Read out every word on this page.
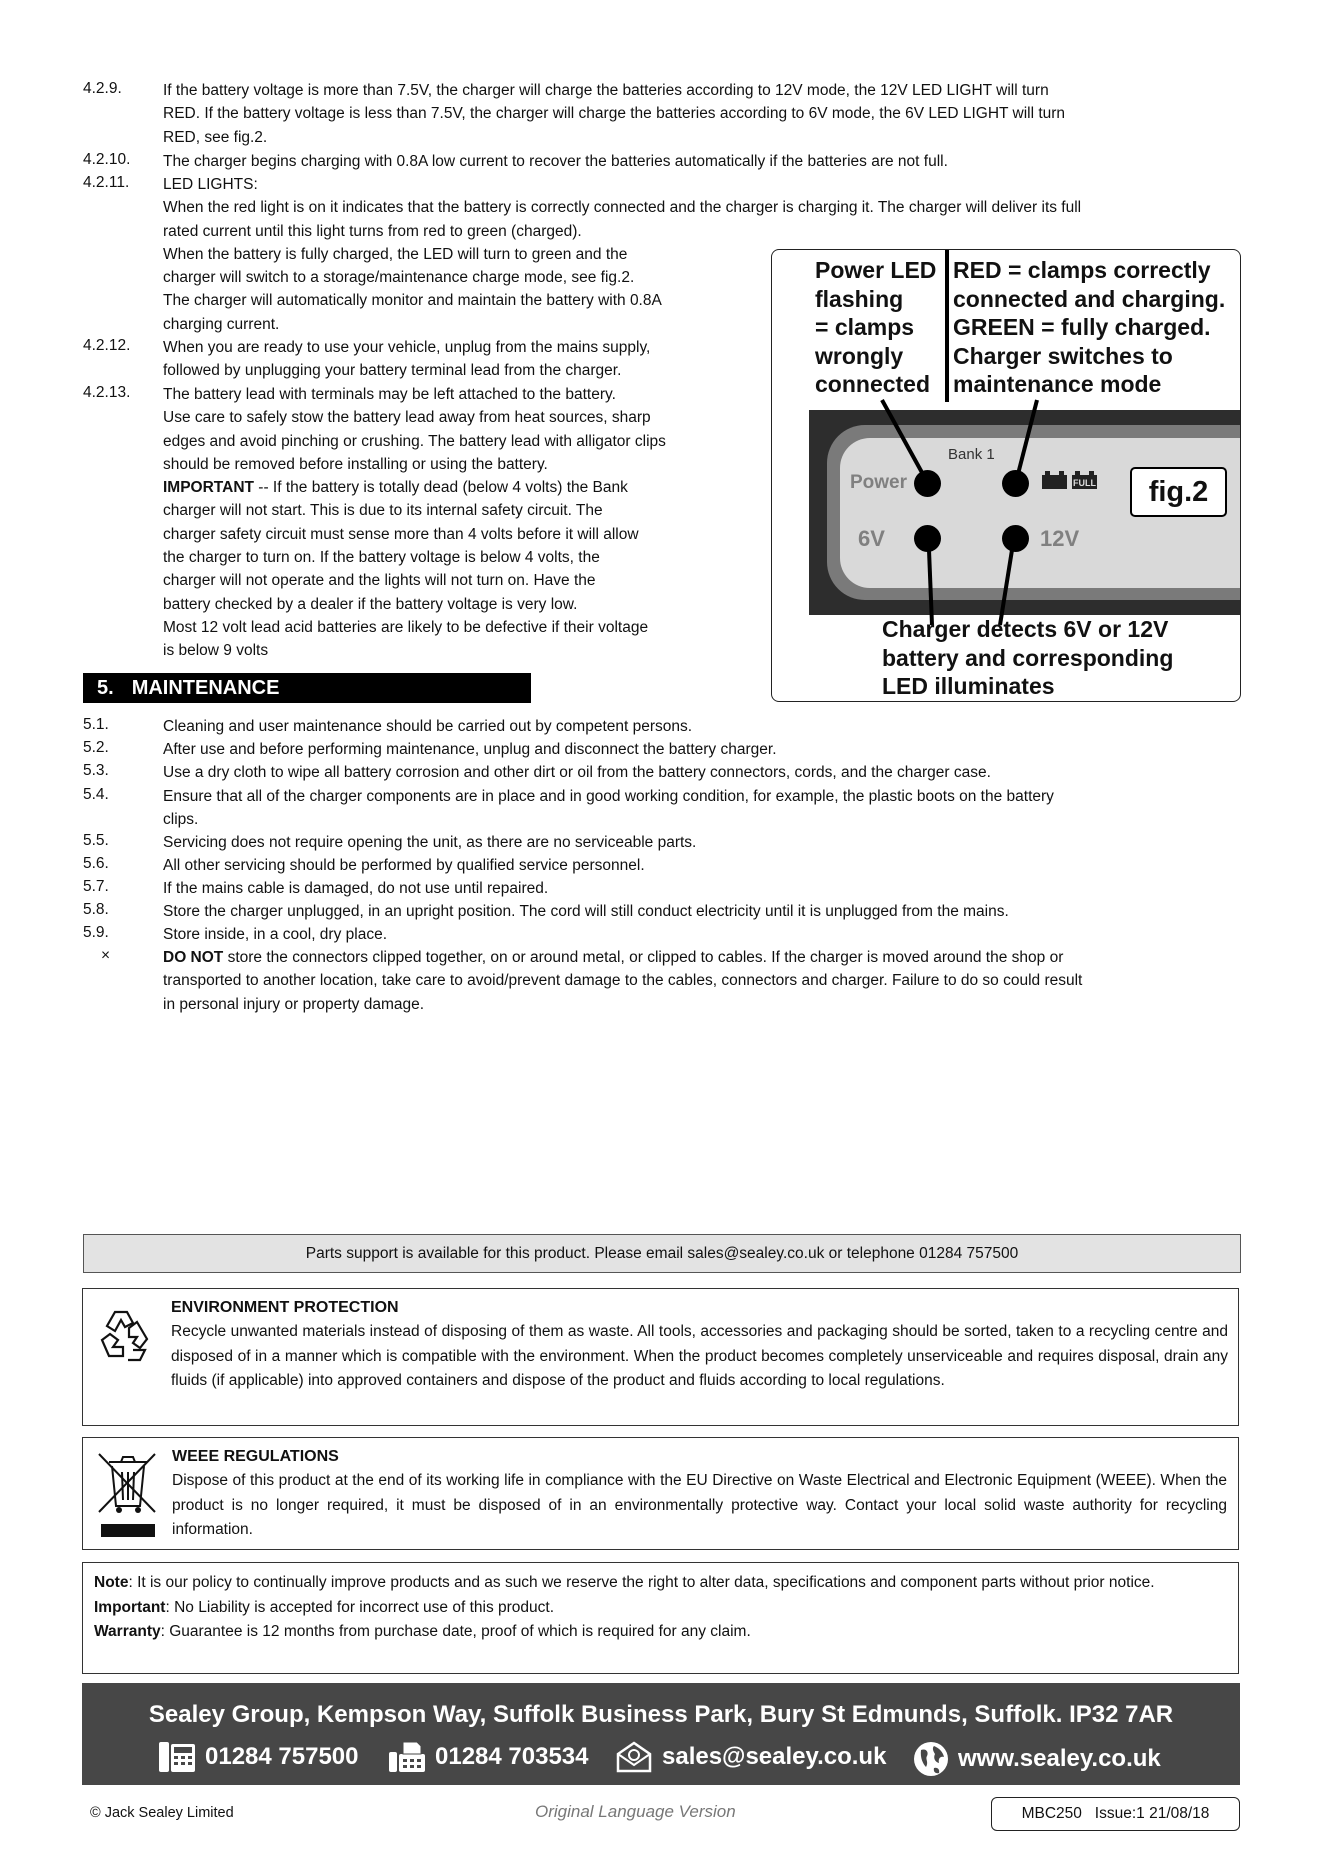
4.2.9.	If the battery voltage is more than 7.5V, the charger will charge the batteries according to 12V mode, the 12V LED LIGHT will turn
RED. If the battery voltage is less than 7.5V, the charger will charge the batteries according to 6V mode, the 6V LED LIGHT will turn
RED, see fig.2.
4.2.10. The charger begins charging with 0.8A low current to recover the batteries automatically if the batteries are not full.
4.2.11. LED LIGHTS:
When the red light is on it indicates that the battery is correctly connected and the charger is charging it. The charger will deliver its full
rated current until this light turns from red to green (charged).
When the battery is fully charged, the LED will turn to green and the
charger will switch to a storage/maintenance charge mode, see fig.2.
The charger will automatically monitor and maintain the battery with 0.8A
charging current.
4.2.12. When you are ready to use your vehicle, unplug from the mains supply,
followed by unplugging your battery terminal lead from the charger.
4.2.13. The battery lead with terminals may be left attached to the battery.
Use care to safely stow the battery lead away from heat sources, sharp
edges and avoid pinching or crushing. The battery lead with alligator clips
should be removed before installing or using the battery.
IMPORTANT -- If the battery is totally dead (below 4 volts) the Bank
charger will not start. This is due to its internal safety circuit. The
charger safety circuit must sense more than 4 volts before it will allow
the charger to turn on. If the battery voltage is below 4 volts, the
charger will not operate and the lights will not turn on. Have the
battery checked by a dealer if the battery voltage is very low.
Most 12 volt lead acid batteries are likely to be defective if their voltage
is below 9 volts
5. MAINTENANCE
Power LED
flashing
= clamps
wrongly
connected
RED = clamps correctly
connected and charging.
GREEN = fully charged.
Charger switches to
maintenance mode
Bank 1
Power
6V	12V
FULL	fig.2
Charger detects 6V or 12V
battery and corresponding
LED illuminates
5.1.	Cleaning and user maintenance should be carried out by competent persons.
5.2.	After use and before performing maintenance, unplug and disconnect the battery charger.
5.3.	Use a dry cloth to wipe all battery corrosion and other dirt or oil from the battery connectors, cords, and the charger case.
5.4.	Ensure that all of the charger components are in place and in good working condition, for example, the plastic boots on the battery
clips.
5.5.	Servicing does not require opening the unit, as there are no serviceable parts.
5.6.	All other servicing should be performed by qualified service personnel.
5.7.	If the mains cable is damaged, do not use until repaired.
5.8.	Store the charger unplugged, in an upright position. The cord will still conduct electricity until it is unplugged from the mains.
5.9.	Store inside, in a cool, dry place.
×	DO NOT store the connectors clipped together, on or around metal, or clipped to cables. If the charger is moved around the shop or
transported to another location, take care to avoid/prevent damage to the cables, connectors and charger. Failure to do so could result
in personal injury or property damage.
Parts support is available for this product. Please email sales@sealey.co.uk or telephone 01284 757500
ENVIRONMENT PROTECTION
Recycle unwanted materials instead of disposing of them as waste. All tools, accessories and packaging should be sorted, taken to a recycling centre and disposed of in a manner which is compatible with the environment. When the product becomes completely unserviceable and requires disposal, drain any fluids (if applicable) into approved containers and dispose of the product and fluids according to local regulations.
WEEE REGULATIONS
Dispose of this product at the end of its working life in compliance with the EU Directive on Waste Electrical and Electronic Equipment (WEEE). When the product is no longer required, it must be disposed of in an environmentally protective way. Contact your local solid waste authority for recycling information.
Note: It is our policy to continually improve products and as such we reserve the right to alter data, specifications and component parts without prior notice.
Important: No Liability is accepted for incorrect use of this product.
Warranty: Guarantee is 12 months from purchase date, proof of which is required for any claim.
Sealey Group, Kempson Way, Suffolk Business Park, Bury St Edmunds, Suffolk. IP32 7AR
01284 757500	01284 703534	sales@sealey.co.uk	www.sealey.co.uk
© Jack Sealey Limited	Original Language Version	MBC250   Issue:1 21/08/18
